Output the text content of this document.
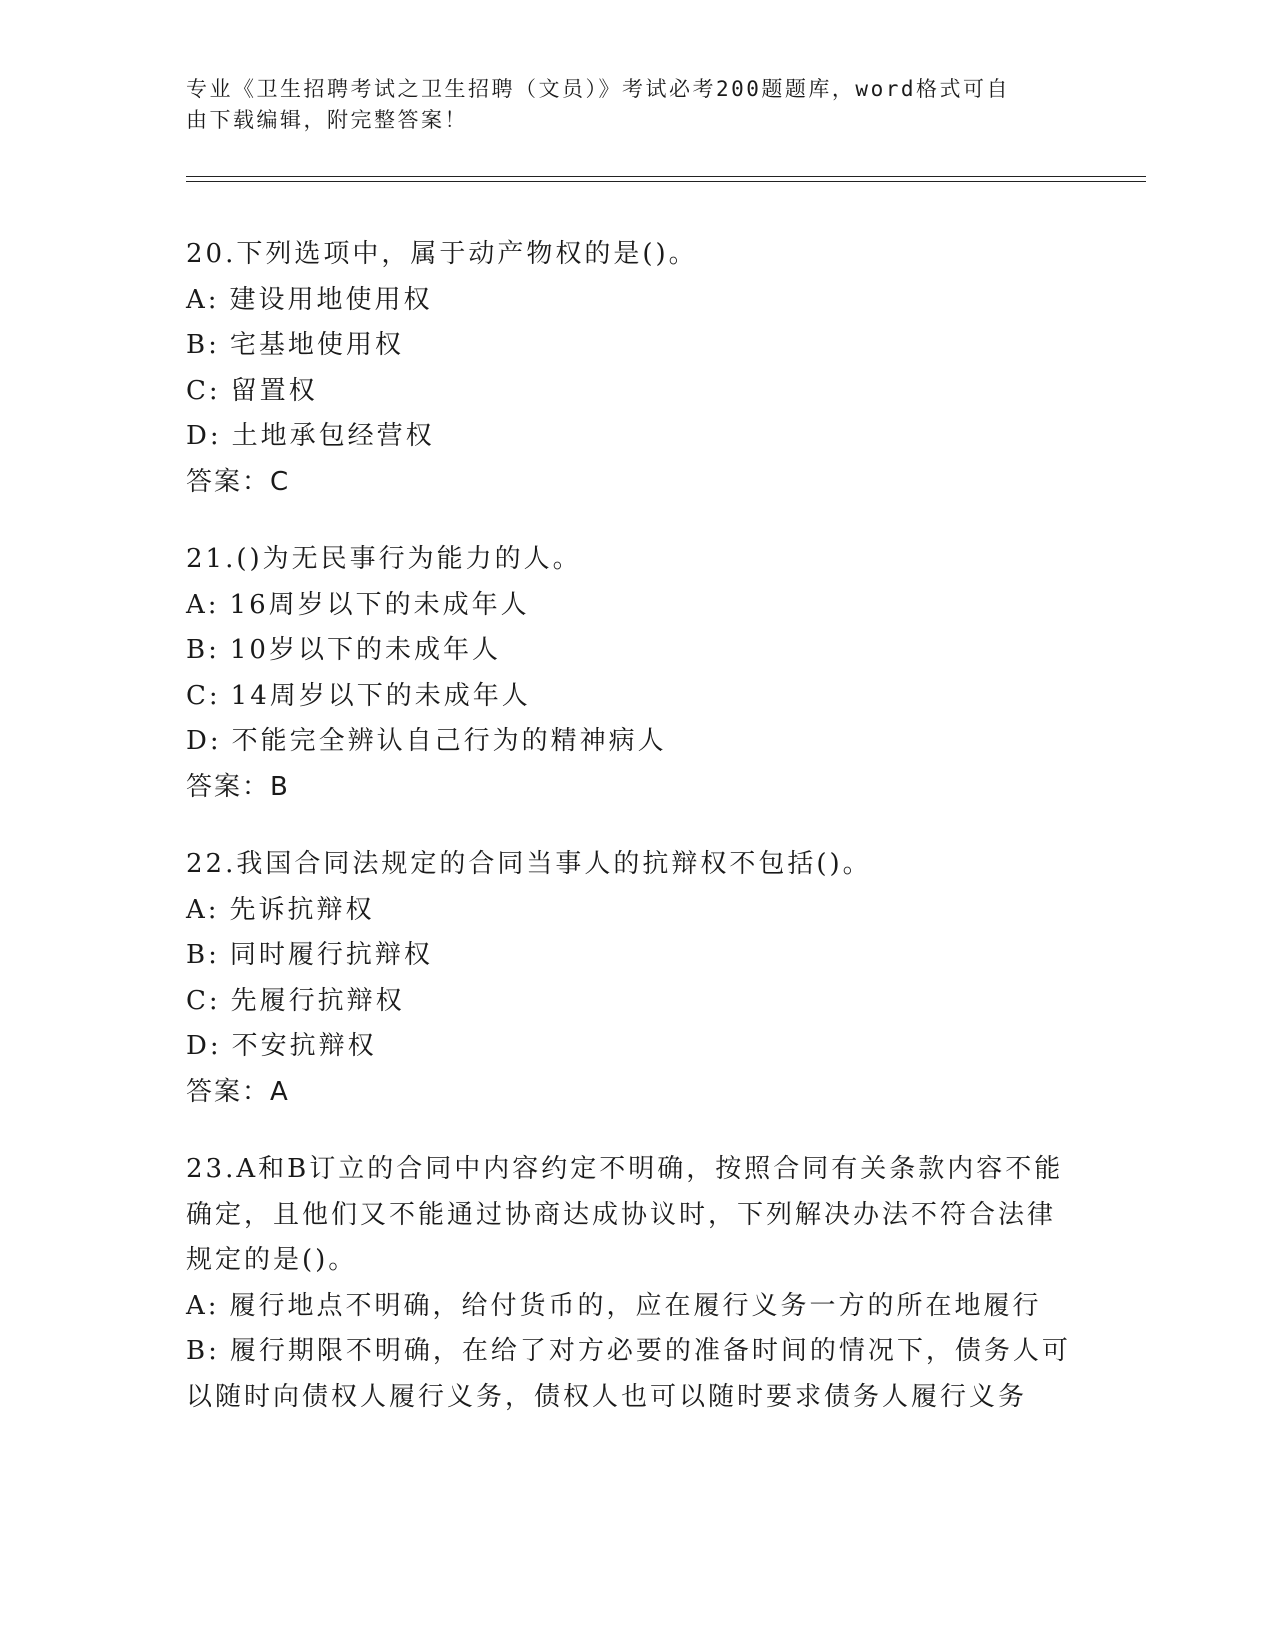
专业《卫生招聘考试之卫生招聘（文员）》考试必考200题题库，word格式可自
由下载编辑，附完整答案！
20.下列选项中，属于动产物权的是()。
A: 建设用地使用权
B: 宅基地使用权
C: 留置权
D: 土地承包经营权
答案：C
21.()为无民事行为能力的人。
A: 16周岁以下的未成年人
B: 10岁以下的未成年人
C: 14周岁以下的未成年人
D: 不能完全辨认自己行为的精神病人
答案：B
22.我国合同法规定的合同当事人的抗辩权不包括()。
A: 先诉抗辩权
B: 同时履行抗辩权
C: 先履行抗辩权
D: 不安抗辩权
答案：A
23.A和B订立的合同中内容约定不明确，按照合同有关条款内容不能确定，且他们又不能通过协商达成协议时，下列解决办法不符合法律规定的是()。
A: 履行地点不明确，给付货币的，应在履行义务一方的所在地履行
B: 履行期限不明确，在给了对方必要的准备时间的情况下，债务人可以随时向债权人履行义务，债权人也可以随时要求债务人履行义务
